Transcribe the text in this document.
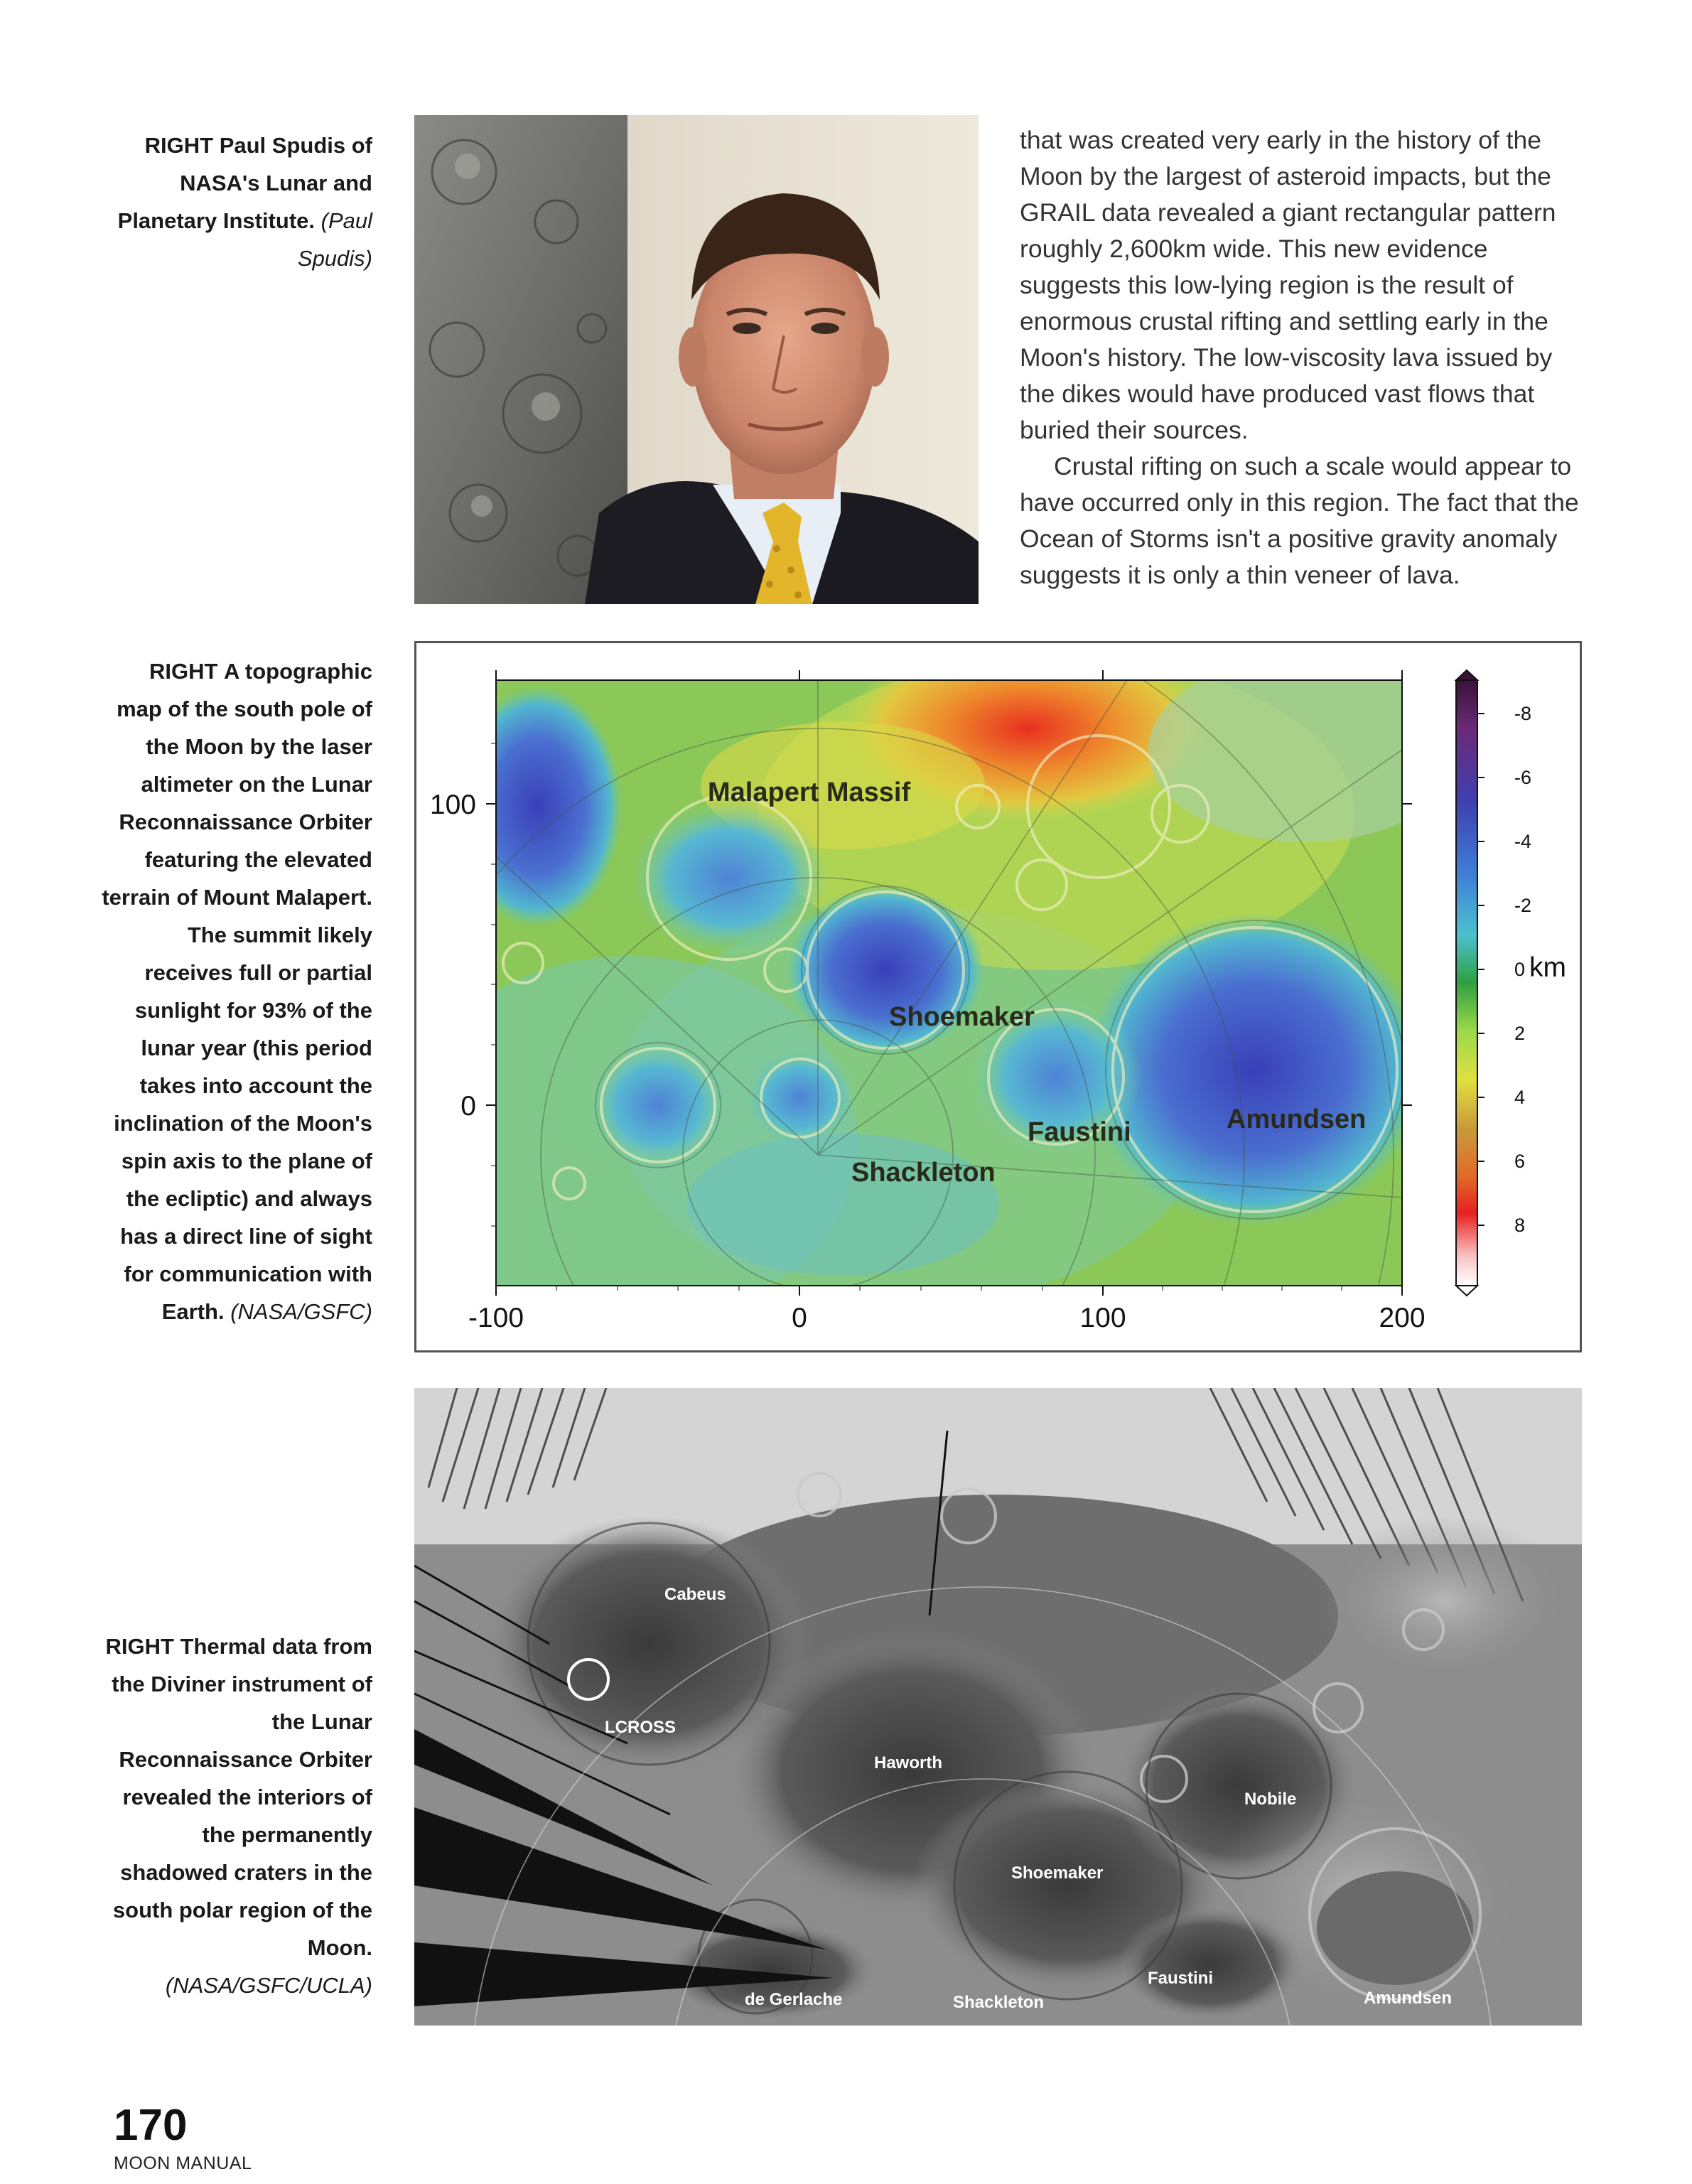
RIGHT Paul Spudis of NASA's Lunar and Planetary Institute. (Paul Spudis)

that was created very early in the history of the Moon by the largest of asteroid impacts, but the GRAIL data revealed a giant rectangular pattern roughly 2,600km wide. This new evidence suggests this low-lying region is the result of enormous crustal rifting and settling early in the Moon's history. The low-viscosity lava issued by the dikes would have produced vast flows that buried their sources.

Crustal rifting on such a scale would appear to have occurred only in this region. The fact that the Ocean of Storms isn't a positive gravity anomaly suggests it is only a thin veneer of lava.

RIGHT A topographic map of the south pole of the Moon by the laser altimeter on the Lunar Reconnaissance Orbiter featuring the elevated terrain of Mount Malapert. The summit likely receives full or partial sunlight for 93% of the lunar year (this period takes into account the inclination of the Moon's spin axis to the plane of the ecliptic) and always has a direct line of sight for communication with Earth. (NASA/GSFC)	-100	0	100	200
100
0
Malapert Massif
Shoemaker
Faustini	Amundsen
Shackleton
-8
-6
-4
-2
0 km
2
4
6
8
RIGHT Thermal data from the Diviner instrument of the Lunar Reconnaissance Orbiter revealed the interiors of the permanently shadowed craters in the south polar region of the Moon. (NASA/GSFC/UCLA)
Cabeus
LCROSS
Haworth
Nobile
Shoemaker
Faustini
de Gerlache	Shackleton	Amundsen
170
MOON MANUAL
